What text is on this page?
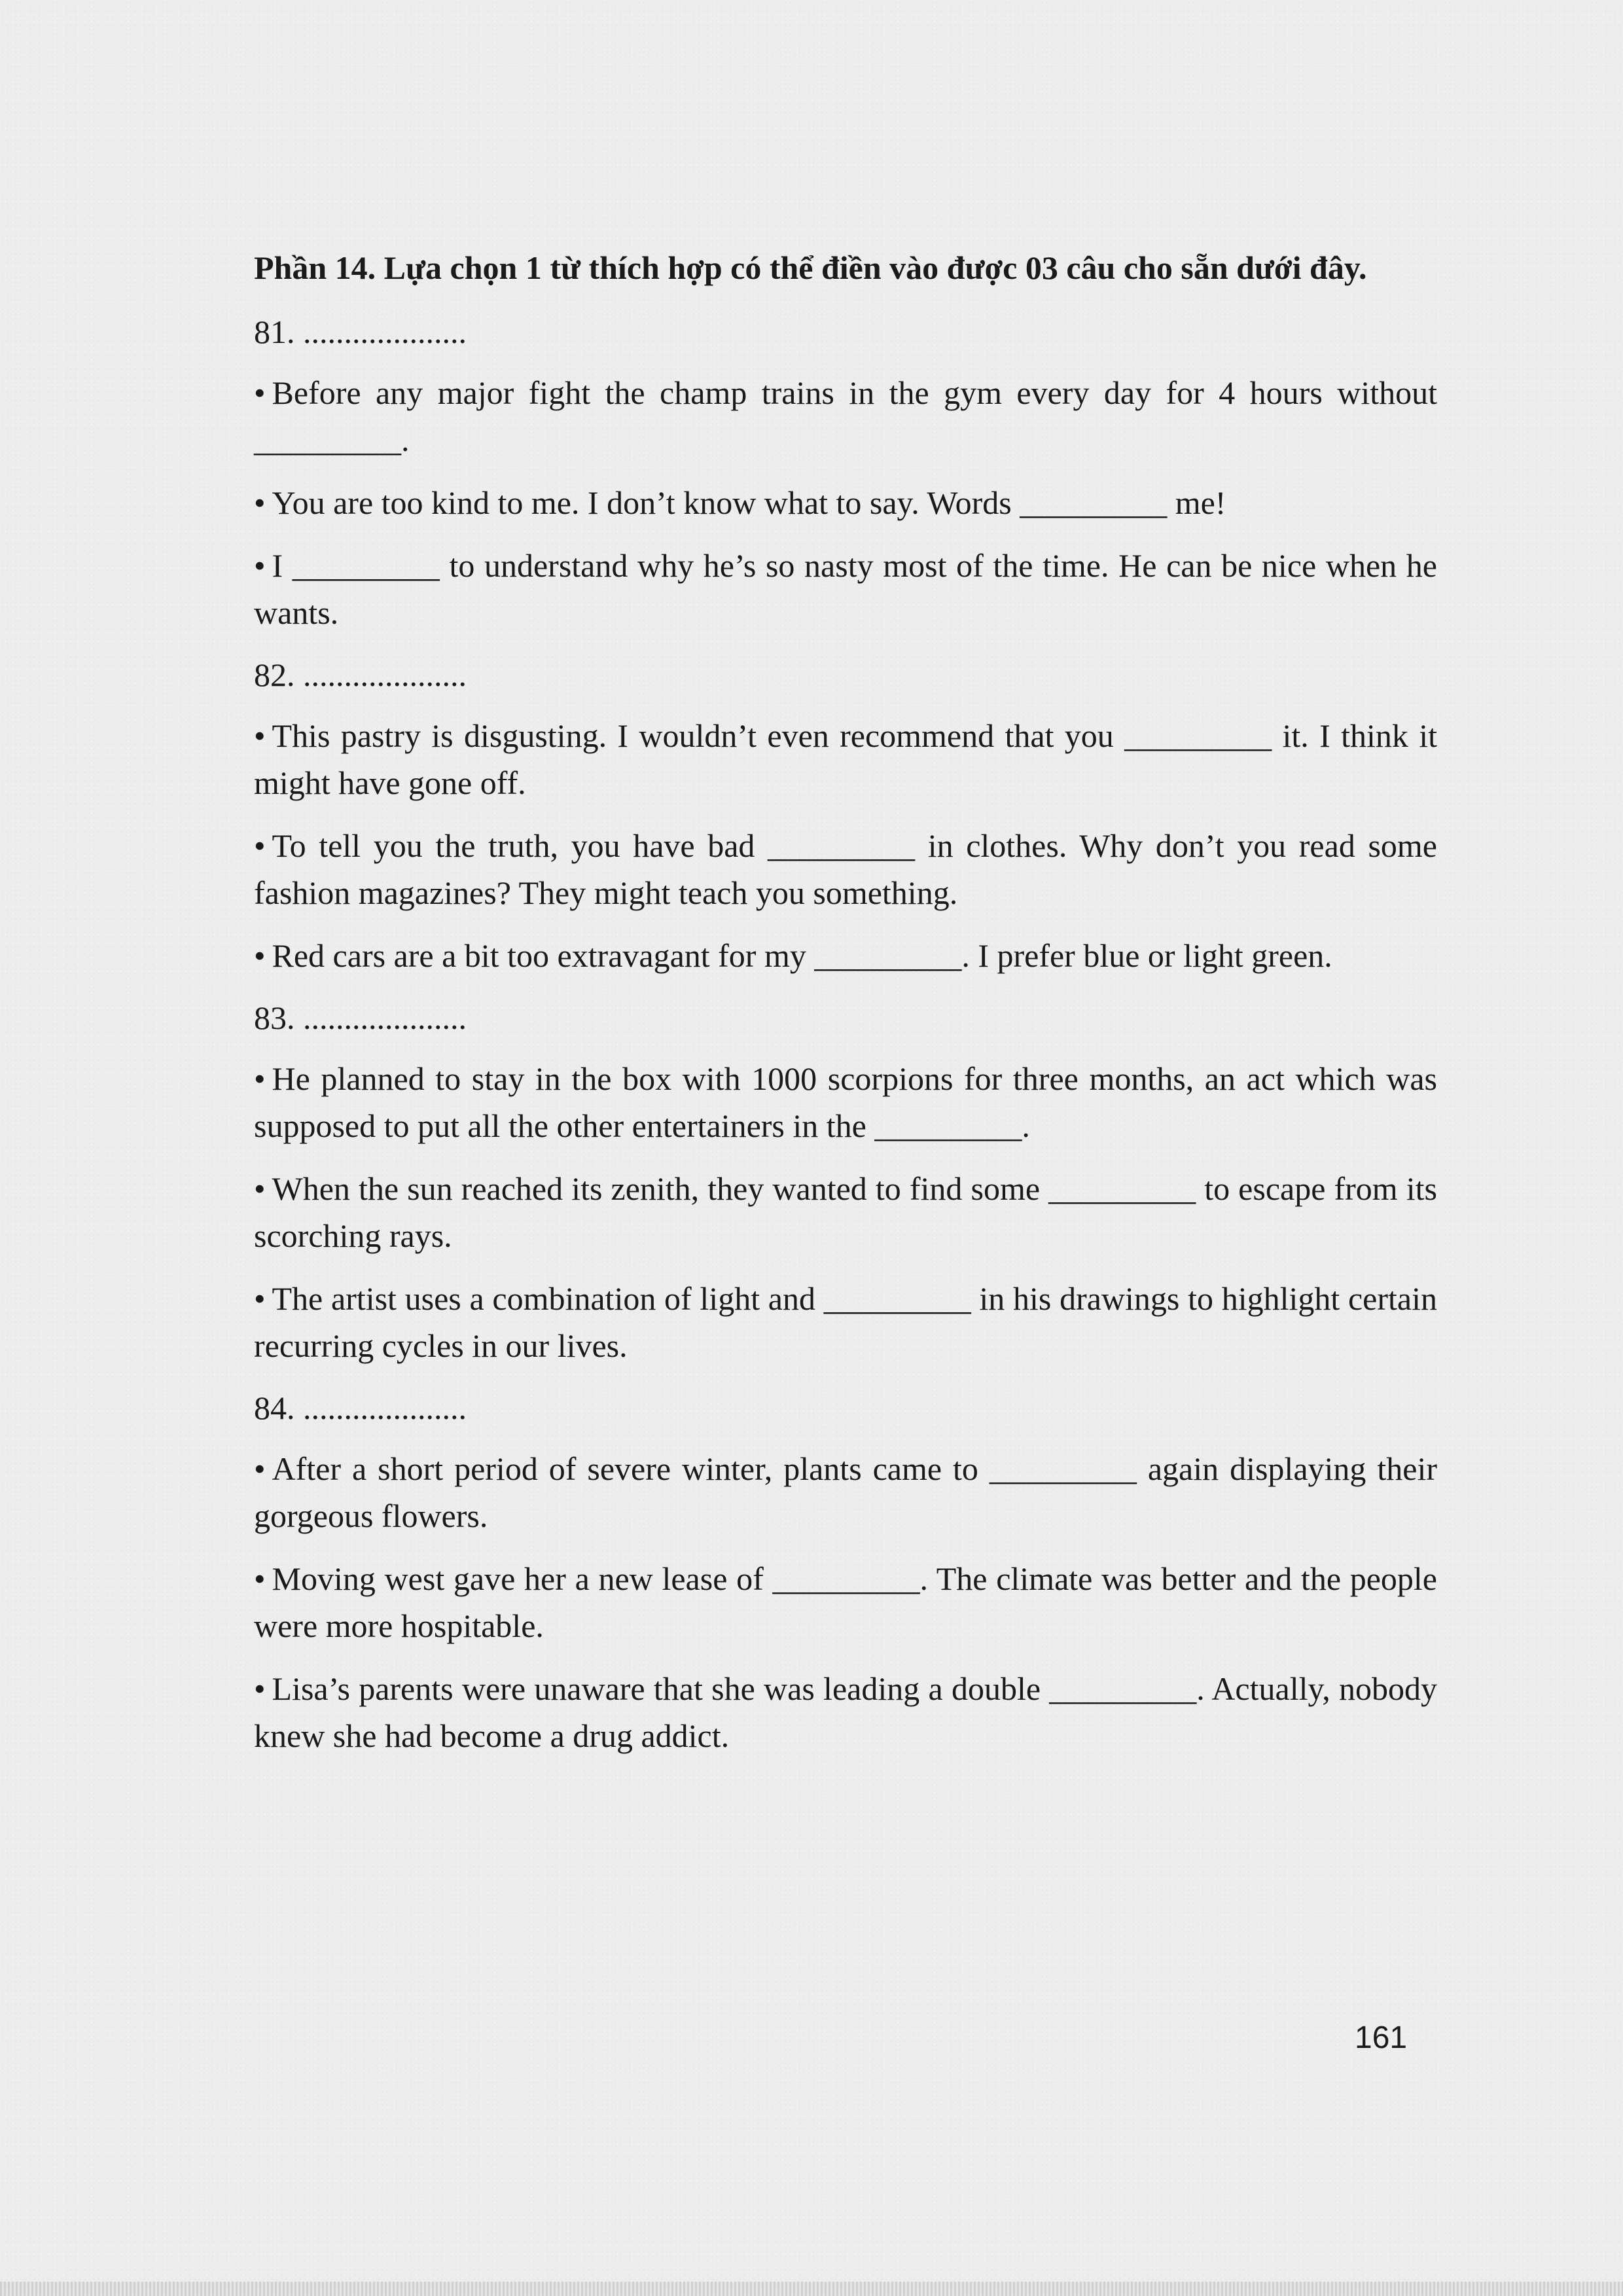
Phần 14. Lựa chọn 1 từ thích hợp có thể điền vào được 03 câu cho sẵn dưới đây.

81. ....................

• Before any major fight the champ trains in the gym every day for 4 hours without _________.

• You are too kind to me. I don’t know what to say. Words _________ me!

• I _________ to understand why he’s so nasty most of the time. He can be nice when he wants.

82. ....................

• This pastry is disgusting. I wouldn’t even recommend that you _________ it. I think it might have gone off.

• To tell you the truth, you have bad _________ in clothes. Why don’t you read some fashion magazines? They might teach you something.

• Red cars are a bit too extravagant for my _________. I prefer blue or light green.

83. ....................

• He planned to stay in the box with 1000 scorpions for three months, an act which was supposed to put all the other entertainers in the _________.

• When the sun reached its zenith, they wanted to find some _________ to escape from its scorching rays.

• The artist uses a combination of light and _________ in his drawings to highlight certain recurring cycles in our lives.

84. ....................

• After a short period of severe winter, plants came to _________ again displaying their gorgeous flowers.

• Moving west gave her a new lease of _________. The climate was better and the people were more hospitable.

• Lisa’s parents were unaware that she was leading a double _________. Actually, nobody knew she had become a drug addict.

161
